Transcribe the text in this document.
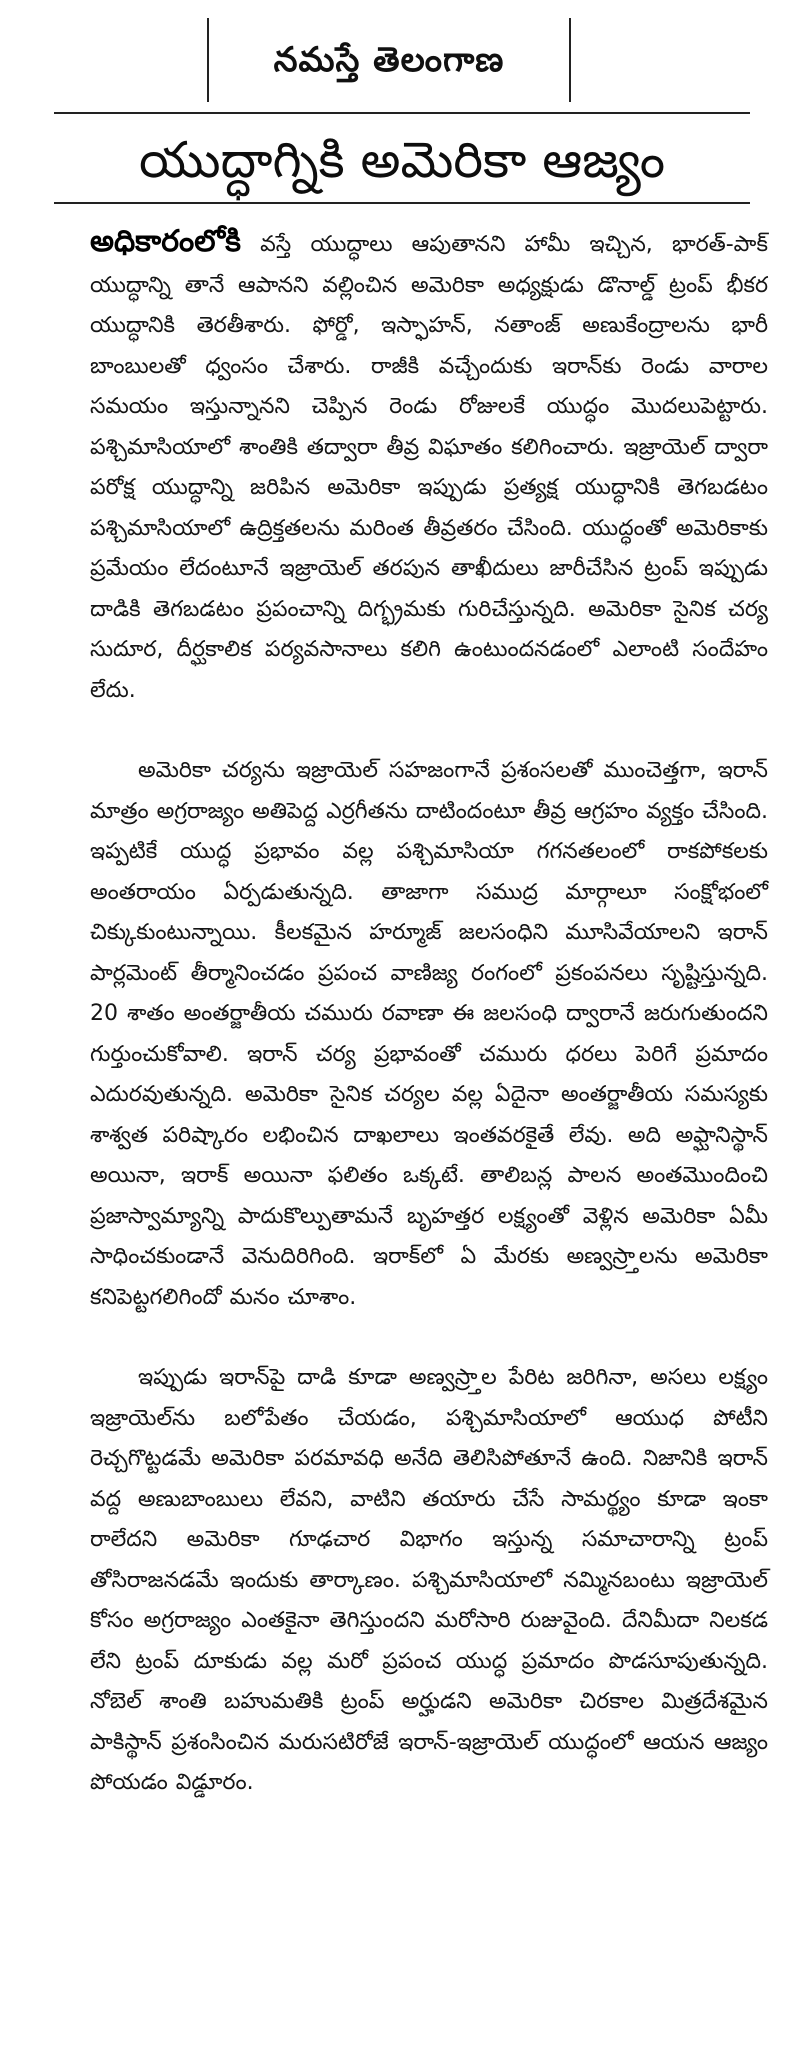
నమస్తే తెలంగాణ
యుద్ధాగ్నికి అమెరికా ఆజ్యం

అధికారంలోకి వస్తే యుద్ధాలు ఆపుతానని హామీ ఇచ్చిన, భారత్‌-పాక్‌ యుద్ధాన్ని తానే ఆపానని వల్లించిన అమెరికా అధ్యక్షుడు డొనాల్డ్‌ ట్రంప్‌ భీకర యుద్ధానికి తెరతీశారు. ఫోర్డో, ఇస్ఫాహన్‌, నతాంజ్‌ అణుకేంద్రాలను భారీ బాంబులతో ధ్వంసం చేశారు. రాజీకి వచ్చేందుకు ఇరాన్‌కు రెండు వారాల సమయం ఇస్తున్నానని చెప్పిన రెండు రోజులకే యుద్ధం మొదలుపెట్టారు. పశ్చిమాసియాలో శాంతికి తద్వారా తీవ్ర విఘాతం కలిగించారు. ఇజ్రాయెల్‌ ద్వారా పరోక్ష యుద్ధాన్ని జరిపిన అమెరికా ఇప్పుడు ప్రత్యక్ష యుద్ధానికి తెగబడటం పశ్చిమాసియాలో ఉద్రిక్తతలను మరింత తీవ్రతరం చేసింది. యుద్ధంతో అమెరికాకు ప్రమేయం లేదంటూనే ఇజ్రాయెల్‌ తరపున తాఖీదులు జారీచేసిన ట్రంప్‌ ఇప్పుడు దాడికి తెగబడటం ప్రపంచాన్ని దిగ్భ్రమకు గురిచేస్తున్నది. అమెరికా సైనిక చర్య సుదూర, దీర్ఘకాలిక పర్యవసానాలు కలిగి ఉంటుందనడంలో ఎలాంటి సందేహం లేదు.

అమెరికా చర్యను ఇజ్రాయెల్‌ సహజంగానే ప్రశంసలతో ముంచెత్తగా, ఇరాన్‌ మాత్రం అగ్రరాజ్యం అతిపెద్ద ఎర్రగీతను దాటిందంటూ తీవ్ర ఆగ్రహం వ్యక్తం చేసింది. ఇప్పటికే యుద్ధ ప్రభావం వల్ల పశ్చిమాసియా గగనతలంలో రాకపోకలకు అంతరాయం ఏర్పడుతున్నది. తాజాగా సముద్ర మార్గాలూ సంక్షోభంలో చిక్కుకుంటున్నాయి. కీలకమైన హర్మూజ్‌ జలసంధిని మూసివేయాలని ఇరాన్‌ పార్లమెంట్‌ తీర్మానించడం ప్రపంచ వాణిజ్య రంగంలో ప్రకంపనలు సృష్టిస్తున్నది. 20 శాతం అంతర్జాతీయ చమురు రవాణా ఈ జలసంధి ద్వారానే జరుగుతుందని గుర్తుంచుకోవాలి. ఇరాన్‌ చర్య ప్రభావంతో చమురు ధరలు పెరిగే ప్రమాదం ఎదురవుతున్నది. అమెరికా సైనిక చర్యల వల్ల ఏదైనా అంతర్జాతీయ సమస్యకు శాశ్వత పరిష్కారం లభించిన దాఖలాలు ఇంతవరకైతే లేవు. అది అఫ్ఘానిస్థాన్‌ అయినా, ఇరాక్‌ అయినా ఫలితం ఒక్కటే. తాలిబన్ల పాలన అంతమొందించి ప్రజాస్వామ్యాన్ని పాదుకొల్పుతామనే బృహత్తర లక్ష్యంతో వెళ్లిన అమెరికా ఏమీ సాధించకుండానే వెనుదిరిగింది. ఇరాక్‌లో ఏ మేరకు అణ్వస్ర్తాలను అమెరికా కనిపెట్టగలిగిందో మనం చూశాం.

ఇప్పుడు ఇరాన్‌పై దాడి కూడా అణ్వస్ర్తాల పేరిట జరిగినా, అసలు లక్ష్యం ఇజ్రాయెల్‌ను బలోపేతం చేయడం, పశ్చిమాసియాలో ఆయుధ పోటీని రెచ్చగొట్టడమే అమెరికా పరమావధి అనేది తెలిసిపోతూనే ఉంది. నిజానికి ఇరాన్‌ వద్ద అణుబాంబులు లేవని, వాటిని తయారు చేసే సామర్థ్యం కూడా ఇంకా రాలేదని అమెరికా గూఢచార విభాగం ఇస్తున్న సమాచారాన్ని ట్రంప్‌ తోసిరాజనడమే ఇందుకు తార్కాణం. పశ్చిమాసియాలో నమ్మినబంటు ఇజ్రాయెల్‌ కోసం అగ్రరాజ్యం ఎంతకైనా తెగిస్తుందని మరోసారి రుజువైంది. దేనిమీదా నిలకడ లేని ట్రంప్‌ దూకుడు వల్ల మరో ప్రపంచ యుద్ధ ప్రమాదం పొడసూపుతున్నది. నోబెల్‌ శాంతి బహుమతికి ట్రంప్‌ అర్హుడని అమెరికా చిరకాల మిత్రదేశమైన పాకిస్థాన్‌ ప్రశంసించిన మరుసటిరోజే ఇరాన్‌-ఇజ్రాయెల్‌ యుద్ధంలో ఆయన ఆజ్యం పోయడం విడ్డూరం.
